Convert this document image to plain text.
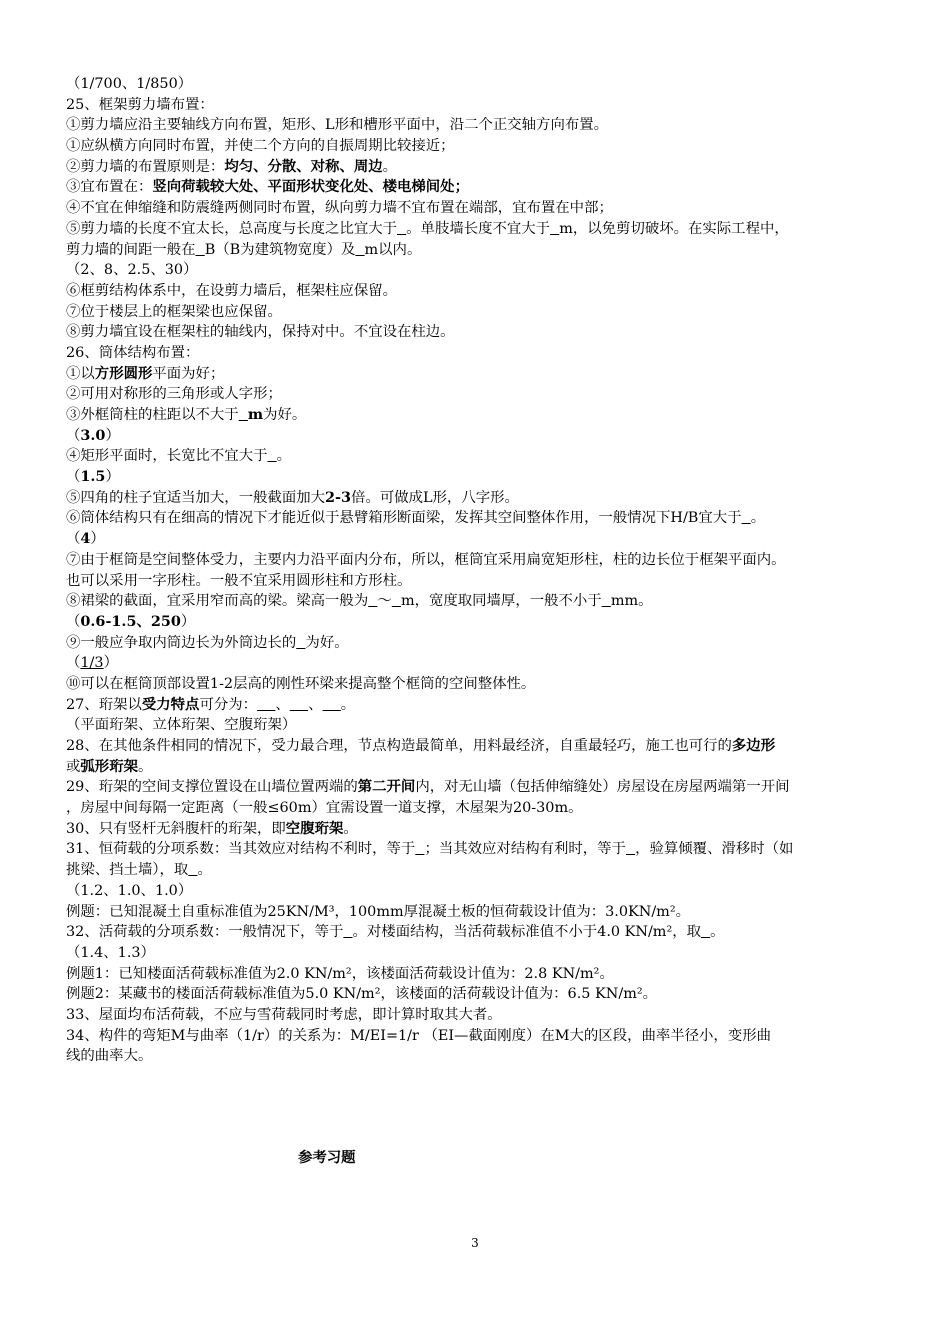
（1/700、1/850）
25、框架剪力墙布置：
①剪力墙应沿主要轴线方向布置，矩形、L形和槽形平面中，沿二个正交轴方向布置。
①应纵横方向同时布置，并使二个方向的自振周期比较接近；
②剪力墙的布置原则是：均匀、分散、对称、周边。
③宜布置在：竖向荷载较大处、平面形状变化处、楼电梯间处；
④不宜在伸缩缝和防震缝两侧同时布置，纵向剪力墙不宜布置在端部，宜布置在中部；
⑤剪力墙的长度不宜太长，总高度与长度之比宜大于 。单肢墙长度不宜大于 m，以免剪切破坏。在实际工程中，
剪力墙的间距一般在 B（B为建筑物宽度）及 m以内。
（2、8、2.5、30）
⑥框剪结构体系中，在设剪力墙后，框架柱应保留。
⑦位于楼层上的框架梁也应保留。
⑧剪力墙宜设在框架柱的轴线内，保持对中。不宜设在柱边。
26、筒体结构布置：
①以方形圆形平面为好；
②可用对称形的三角形或人字形；
③外框筒柱的柱距以不大于 m为好。
（3.0）
④矩形平面时，长宽比不宜大于 。
（1.5）
⑤四角的柱子宜适当加大，一般截面加大2-3倍。可做成L形，八字形。
⑥筒体结构只有在细高的情况下才能近似于悬臂箱形断面梁，发挥其空间整体作用，一般情况下H/B宜大于 。
（4）
⑦由于框筒是空间整体受力，主要内力沿平面内分布，所以，框筒宜采用扁宽矩形柱，柱的边长位于框架平面内。
也可以采用一字形柱。一般不宜采用圆形柱和方形柱。
⑧裙梁的截面，宜采用窄而高的梁。梁高一般为 ～ m，宽度取同墙厚，一般不小于 mm。
（0.6-1.5、250）
⑨一般应争取内筒边长为外筒边长的 为好。
（1/3）
⑩可以在框筒顶部设置1-2层高的刚性环梁来提高整个框筒的空间整体性。
27、珩架以受力特点可分为： 、 、 。
（平面珩架、立体珩架、空腹珩架）
28、在其他条件相同的情况下，受力最合理，节点构造最简单，用料最经济，自重最轻巧，施工也可行的多边形
或弧形珩架。
29、珩架的空间支撑位置设在山墙位置两端的第二开间内，对无山墙（包括伸缩缝处）房屋设在房屋两端第一开间
，房屋中间每隔一定距离（一般≤60m）宜需设置一道支撑，木屋架为20-30m。
30、只有竖杆无斜腹杆的珩架，即空腹珩架。
31、恒荷载的分项系数：当其效应对结构不利时，等于 ；当其效应对结构有利时，等于 ，验算倾覆、滑移时（如
挑梁、挡土墙），取 。
（1.2、1.0、1.0）
例题：已知混凝土自重标准值为25KN/M³，100mm厚混凝土板的恒荷载设计值为：3.0KN/m²。
32、活荷载的分项系数：一般情况下，等于 。对楼面结构，当活荷载标准值不小于4.0 KN/m²，取 。
（1.4、1.3）
例题1：已知楼面活荷载标准值为2.0 KN/m²，该楼面活荷载设计值为：2.8 KN/m²。
例题2：某藏书的楼面活荷载标准值为5.0 KN/m²，该楼面的活荷载设计值为：6.5 KN/m²。
33、屋面均布活荷载，不应与雪荷载同时考虑，即计算时取其大者。
34、构件的弯矩M与曲率（1/r）的关系为：M/EI=1/r （EI—截面刚度）在M大的区段，曲率半径小，变形曲
线的曲率大。
参考习题
3
